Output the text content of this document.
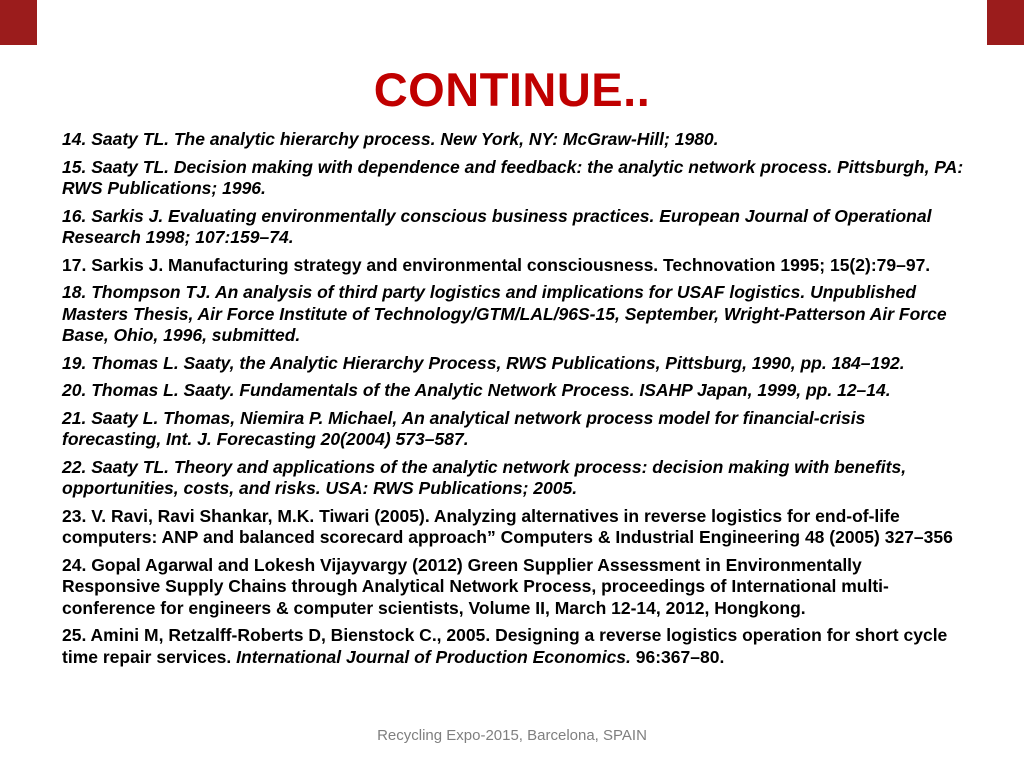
CONTINUE..

14. Saaty TL. The analytic hierarchy process. New York, NY: McGraw-Hill; 1980.

15. Saaty TL. Decision making with dependence and feedback: the analytic network process. Pittsburgh, PA: RWS Publications; 1996.

16. Sarkis J. Evaluating environmentally conscious business practices. European Journal of Operational Research 1998; 107:159–74.

17. Sarkis J. Manufacturing strategy and environmental consciousness. Technovation 1995; 15(2):79–97.

18. Thompson TJ. An analysis of third party logistics and implications for USAF logistics. Unpublished Masters Thesis, Air Force Institute of Technology/GTM/LAL/96S-15, September, Wright-Patterson Air Force Base, Ohio, 1996, submitted.

19. Thomas L. Saaty, the Analytic Hierarchy Process, RWS Publications, Pittsburg, 1990, pp. 184–192.

20. Thomas L. Saaty. Fundamentals of the Analytic Network Process. ISAHP Japan, 1999, pp. 12–14.

21. Saaty L. Thomas, Niemira P. Michael, An analytical network process model for financial-crisis forecasting, Int. J. Forecasting 20(2004) 573–587.

22. Saaty TL. Theory and applications of the analytic network process: decision making with benefits, opportunities, costs, and risks. USA: RWS Publications; 2005.

23. V. Ravi, Ravi Shankar, M.K. Tiwari (2005). Analyzing alternatives in reverse logistics for end-of-life computers: ANP and balanced scorecard approach” Computers & Industrial Engineering 48 (2005) 327–356

24. Gopal Agarwal and Lokesh Vijayvargy (2012) Green Supplier Assessment in Environmentally Responsive Supply Chains through Analytical Network Process, proceedings of International multi-conference for engineers & computer scientists, Volume II, March 12-14, 2012, Hongkong.

25. Amini M, Retzalff-Roberts D, Bienstock C., 2005. Designing a reverse logistics operation for short cycle time repair services. International Journal of Production Economics. 96:367–80.

Recycling Expo-2015, Barcelona, SPAIN
